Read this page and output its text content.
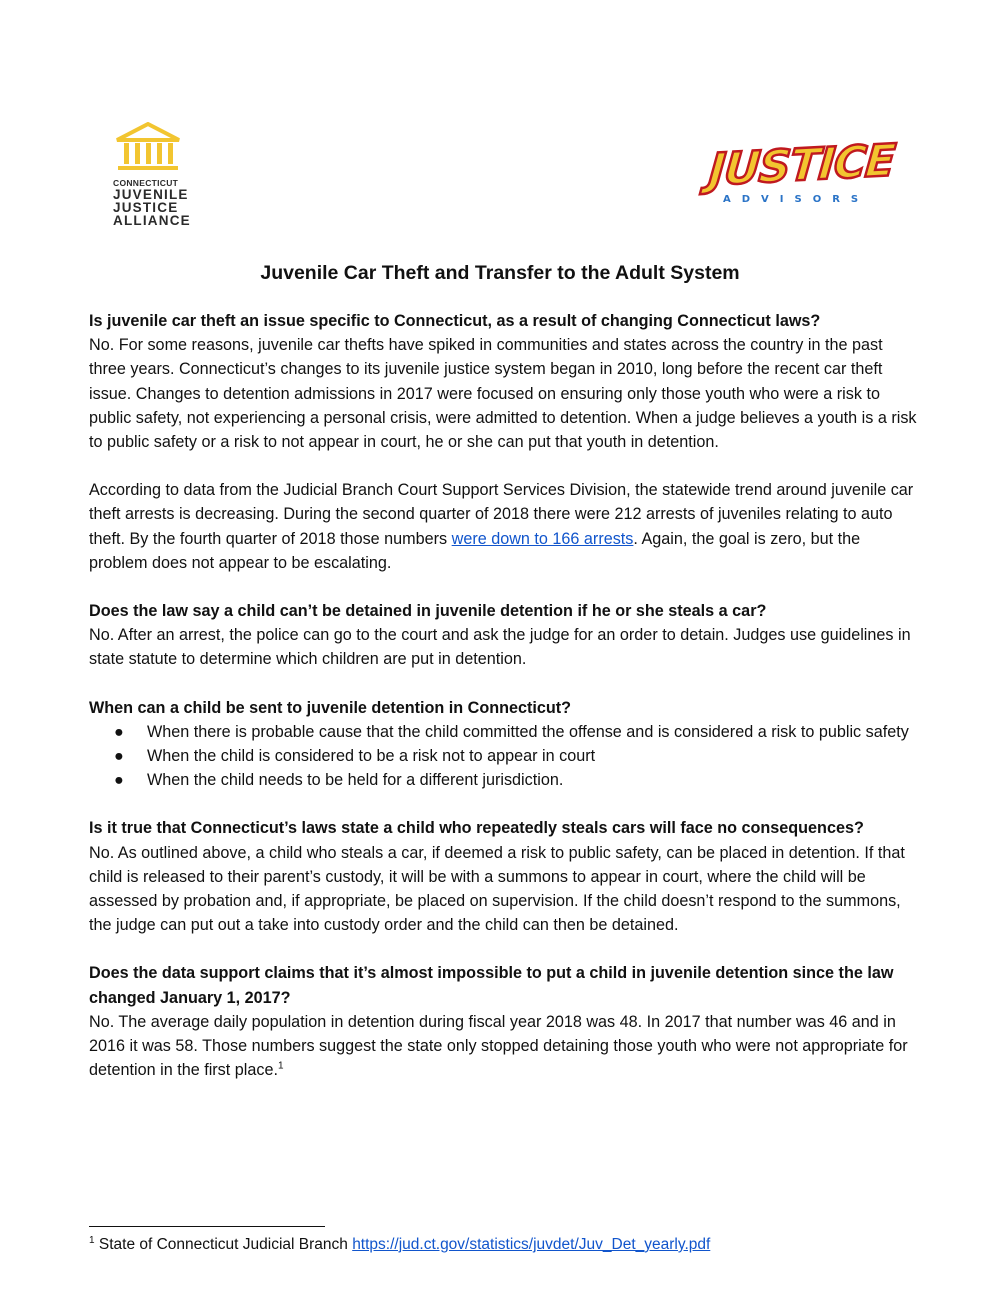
CONNECTICUT
JUVENILE
JUSTICE
ALLIANCE
JUSTICE
ADVISORS
Juvenile Car Theft and Transfer to the Adult System

Is juvenile car theft an issue specific to Connecticut, as a result of changing Connecticut laws?

No. For some reasons, juvenile car thefts have spiked in communities and states across the country in the past three years. Connecticut’s changes to its juvenile justice system began in 2010, long before the recent car theft issue. Changes to detention admissions in 2017 were focused on ensuring only those youth who were a risk to public safety, not experiencing a personal crisis, were admitted to detention. When a judge believes a youth is a risk to public safety or a risk to not appear in court, he or she can put that youth in detention.

According to data from the Judicial Branch Court Support Services Division, the statewide trend around juvenile car theft arrests is decreasing. During the second quarter of 2018 there were 212 arrests of juveniles relating to auto theft. By the fourth quarter of 2018 those numbers were down to 166 arrests. Again, the goal is zero, but the problem does not appear to be escalating.

Does the law say a child can’t be detained in juvenile detention if he or she steals a car?

No. After an arrest, the police can go to the court and ask the judge for an order to detain. Judges use guidelines in state statute to determine which children are put in detention.

When can a child be sent to juvenile detention in Connecticut?

● When there is probable cause that the child committed the offense and is considered a risk to public safety
● When the child is considered to be a risk not to appear in court
● When the child needs to be held for a different jurisdiction.

Is it true that Connecticut’s laws state a child who repeatedly steals cars will face no consequences?

No. As outlined above, a child who steals a car, if deemed a risk to public safety, can be placed in detention. If that child is released to their parent’s custody, it will be with a summons to appear in court, where the child will be assessed by probation and, if appropriate, be placed on supervision. If the child doesn’t respond to the summons, the judge can put out a take into custody order and the child can then be detained.

Does the data support claims that it’s almost impossible to put a child in juvenile detention since the law changed January 1, 2017?

No. The average daily population in detention during fiscal year 2018 was 48. In 2017 that number was 46 and in 2016 it was 58. Those numbers suggest the state only stopped detaining those youth who were not appropriate for detention in the first place.$^1$

$^1$ State of Connecticut Judicial Branch https://jud.ct.gov/statistics/juvdet/Juv_Det_yearly.pdf
